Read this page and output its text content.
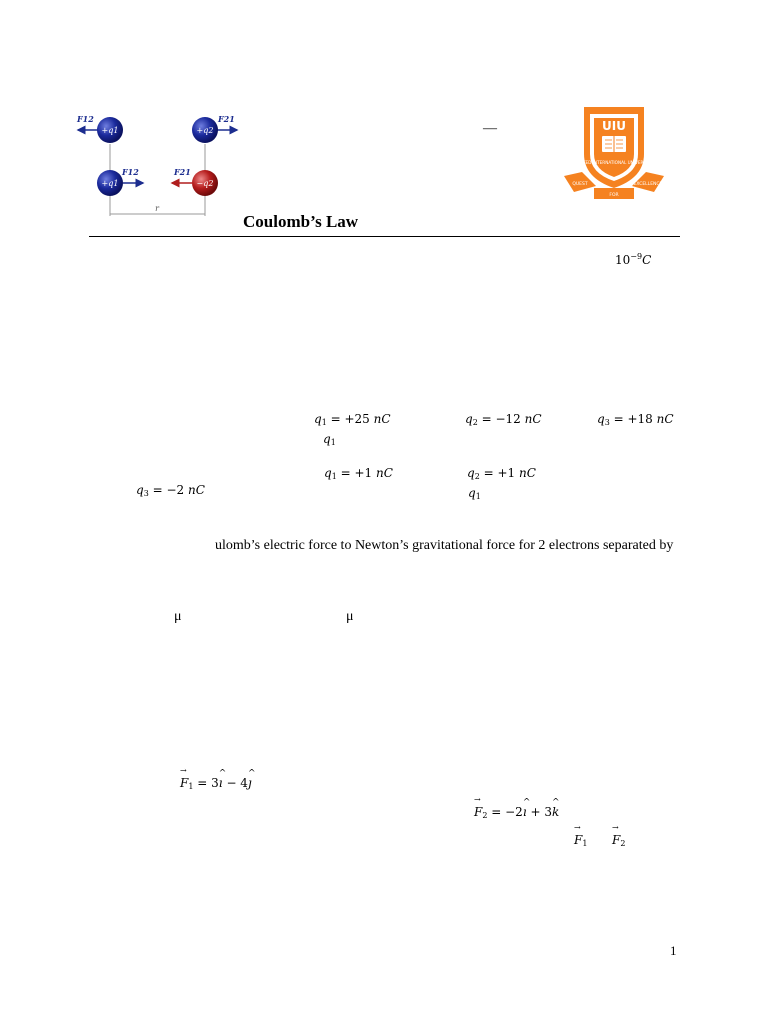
+q1	+q2
+q1	−q2
F12	F21
F12	F21
r
—	UIU
UNITED INTERNATIONAL UNIVERSITY
QUEST	EXCELLENCE
FOR
Coulomb’s Law
$10^{-9}C$
$q_1 = +25$ nC	$q_2 = -12$ nC	$q_3 = +18$ nC
$q_1$
$q_1 = +1$ nC	$q_2 = +1$ nC
$q_3 = -2$ nC	$q_1$
ulomb’s electric force to Newton’s gravitational force for 2 electrons separated by
μ	μ
→ $F_1$ = 3^ ı − 4^ ȷ
→ $F_2$ = −2^ ı + 3^ k
→ $F_1$
→ $F_2$
1
